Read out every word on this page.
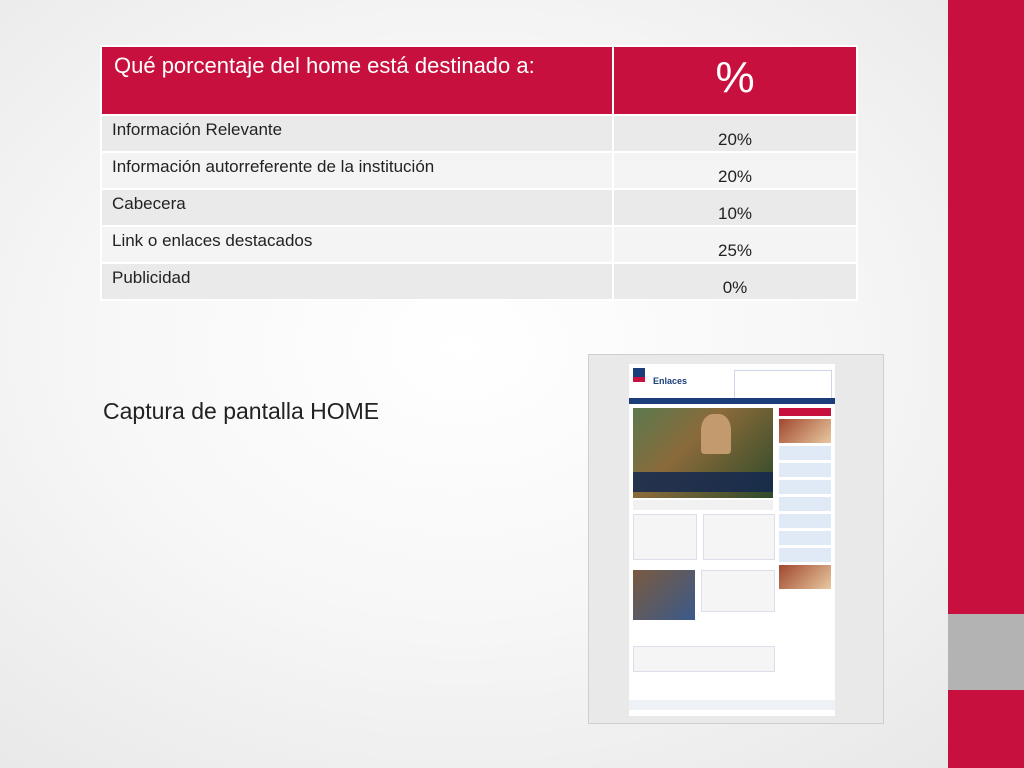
Qué porcentaje del home está destinado a:	%
Información Relevante	20%
Información autorreferente de la institución	20%
Cabecera	10%
Link o enlaces destacados	25%
Publicidad	0%
Captura de pantalla HOME
Enlaces
